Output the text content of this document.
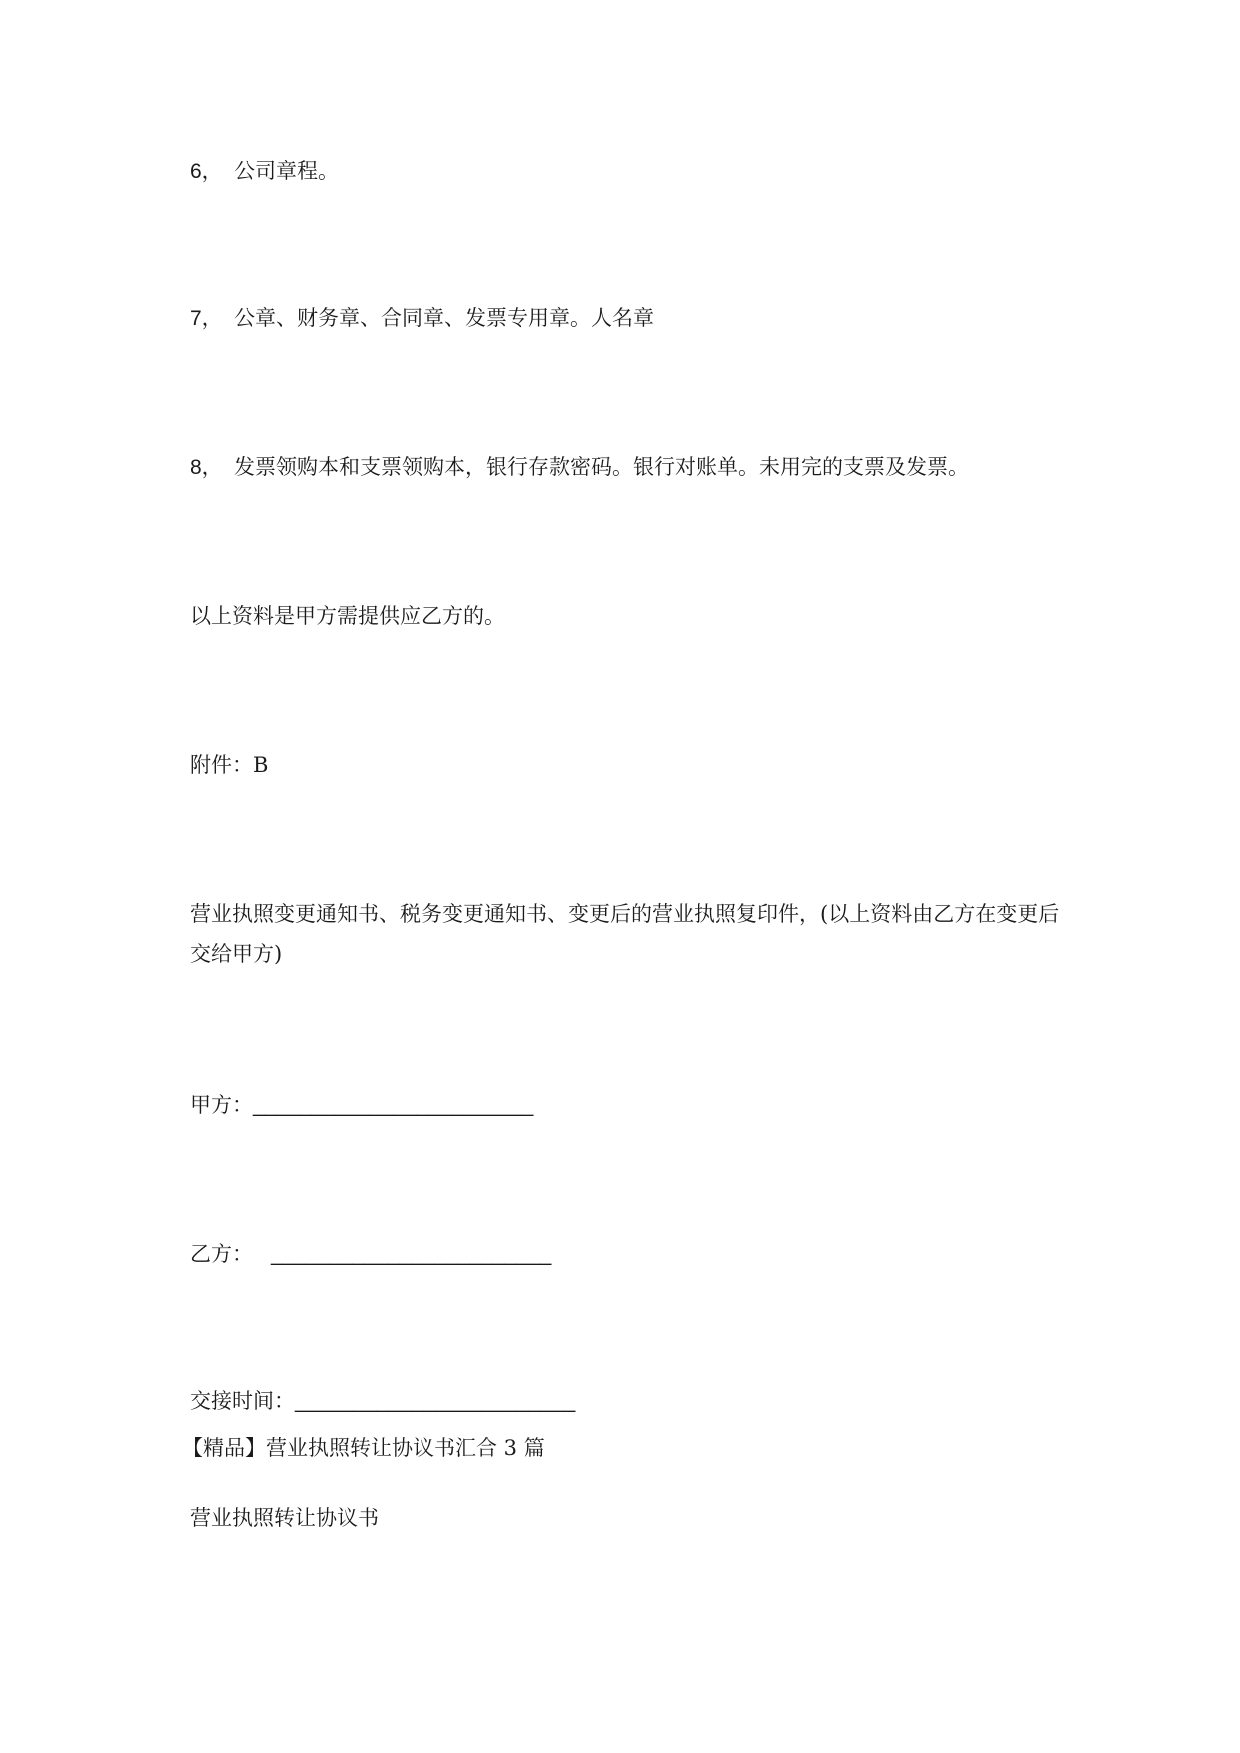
6， 公司章程。
7， 公章、财务章、合同章、发票专用章。人名章
8， 发票领购本和支票领购本，银行存款密码。银行对账单。未用完的支票及发票。
以上资料是甲方需提供应乙方的。
附件：B
营业执照变更通知书、税务变更通知书、变更后的营业执照复印件，(以上资料由乙方在变更后交给甲方)
甲方：________________________
乙方： ________________________
交接时间：________________________
【精品】营业执照转让协议书汇合 3 篇
营业执照转让协议书
